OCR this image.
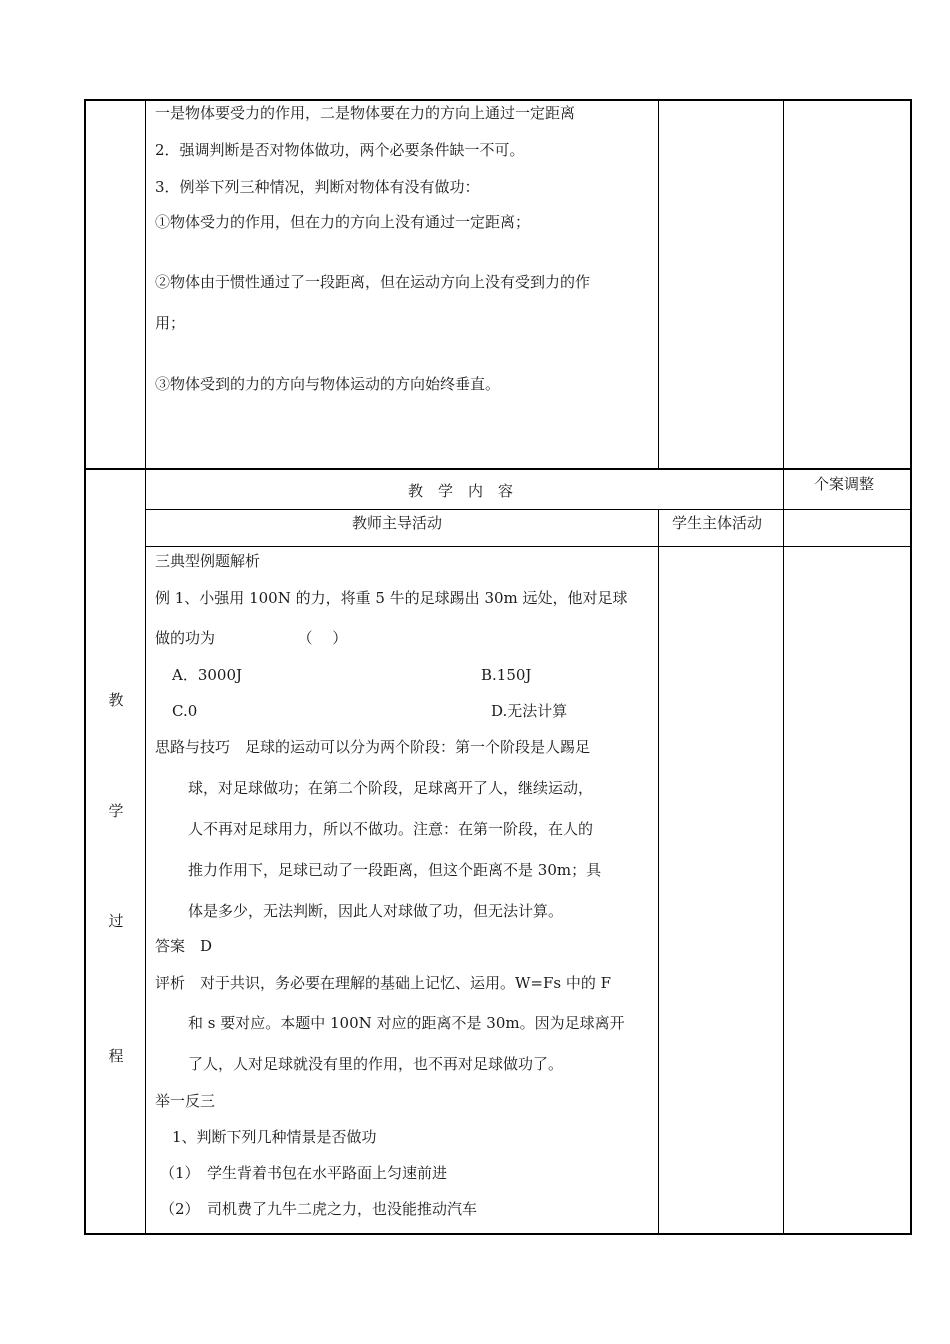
一是物体要受力的作用，二是物体要在力的方向上通过一定距离
2．强调判断是否对物体做功，两个必要条件缺一不可。
3．例举下列三种情况，判断对物体有没有做功：
①物体受力的作用，但在力的方向上没有通过一定距离；
②物体由于惯性通过了一段距离，但在运动方向上没有受到力的作
用；
③物体受到的力的方向与物体运动的方向始终垂直。
教　学　内　容	个案调整
教师主导活动	学生主体活动
教
学
过
程
三典型例题解析
例 1、小强用 100N 的力，将重 5 牛的足球踢出 30m 远处，他对足球
做的功为　　　　　　（　 ）
A．3000J	B.150J
C.0	D.无法计算
思路与技巧　足球的运动可以分为两个阶段：第一个阶段是人踢足
球，对足球做功；在第二个阶段，足球离开了人，继续运动，
人不再对足球用力，所以不做功。注意：在第一阶段，在人的
推力作用下，足球已动了一段距离，但这个距离不是 30m；具
体是多少，无法判断，因此人对球做了功，但无法计算。
答案　D
评析　对于共识，务必要在理解的基础上记忆、运用。W=Fs 中的 F
和 s 要对应。本题中 100N 对应的距离不是 30m。因为足球离开
了人，人对足球就没有里的作用，也不再对足球做功了。
举一反三
1、判断下列几种情景是否做功
（1）　学生背着书包在水平路面上匀速前进
（2）　司机费了九牛二虎之力，也没能推动汽车
